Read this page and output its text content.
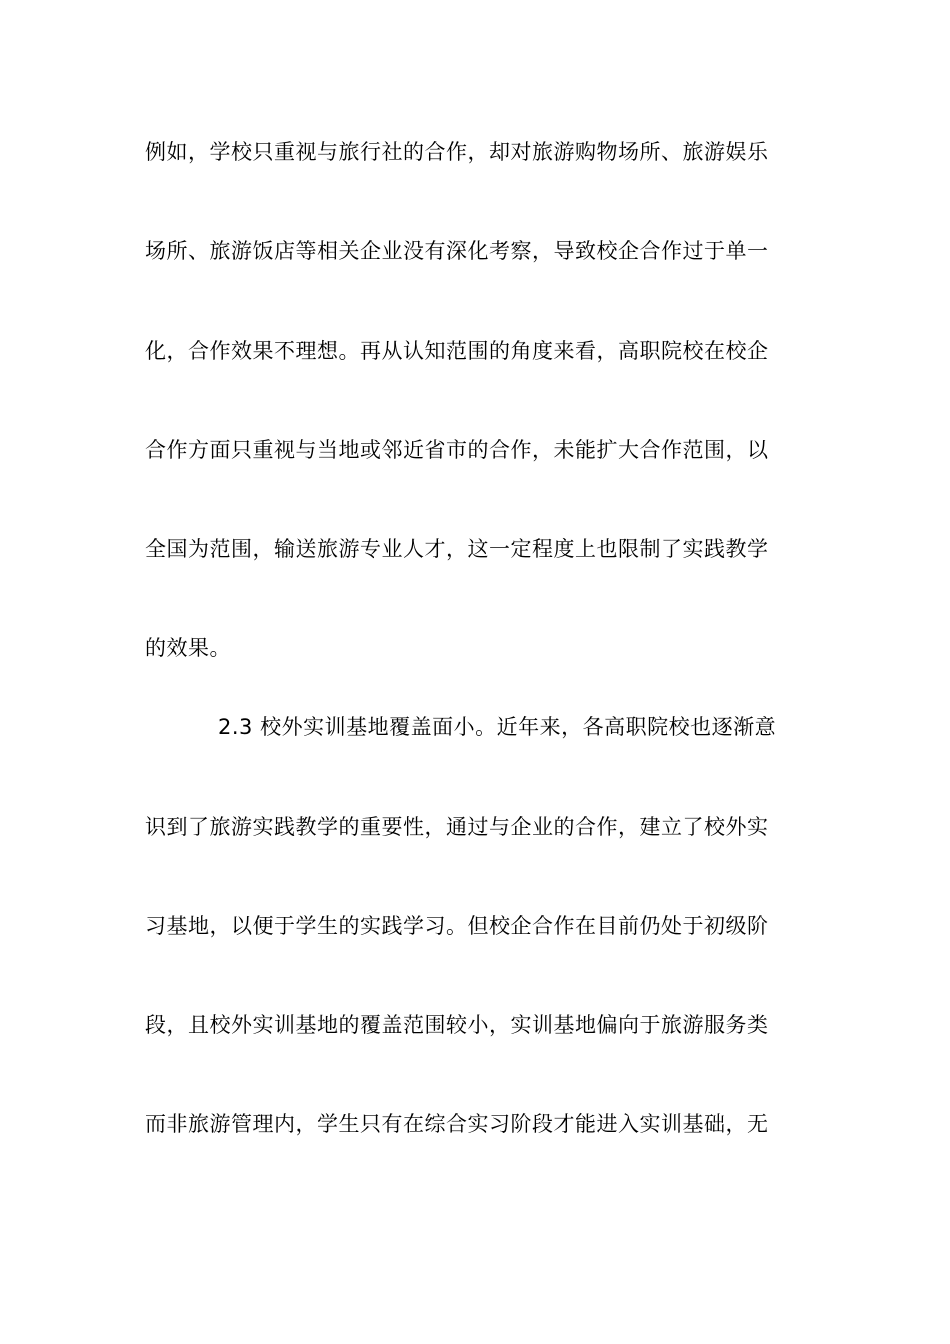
例如，学校只重视与旅行社的合作，却对旅游购物场所、旅游娱乐
场所、旅游饭店等相关企业没有深化考察，导致校企合作过于单一
化，合作效果不理想。再从认知范围的角度来看，高职院校在校企
合作方面只重视与当地或邻近省市的合作，未能扩大合作范围，以
全国为范围，输送旅游专业人才，这一定程度上也限制了实践教学
的效果。
2.3 校外实训基地覆盖面小。近年来，各高职院校也逐渐意
识到了旅游实践教学的重要性，通过与企业的合作，建立了校外实
习基地，以便于学生的实践学习。但校企合作在目前仍处于初级阶
段，且校外实训基地的覆盖范围较小，实训基地偏向于旅游服务类
而非旅游管理内，学生只有在综合实习阶段才能进入实训基础，无
